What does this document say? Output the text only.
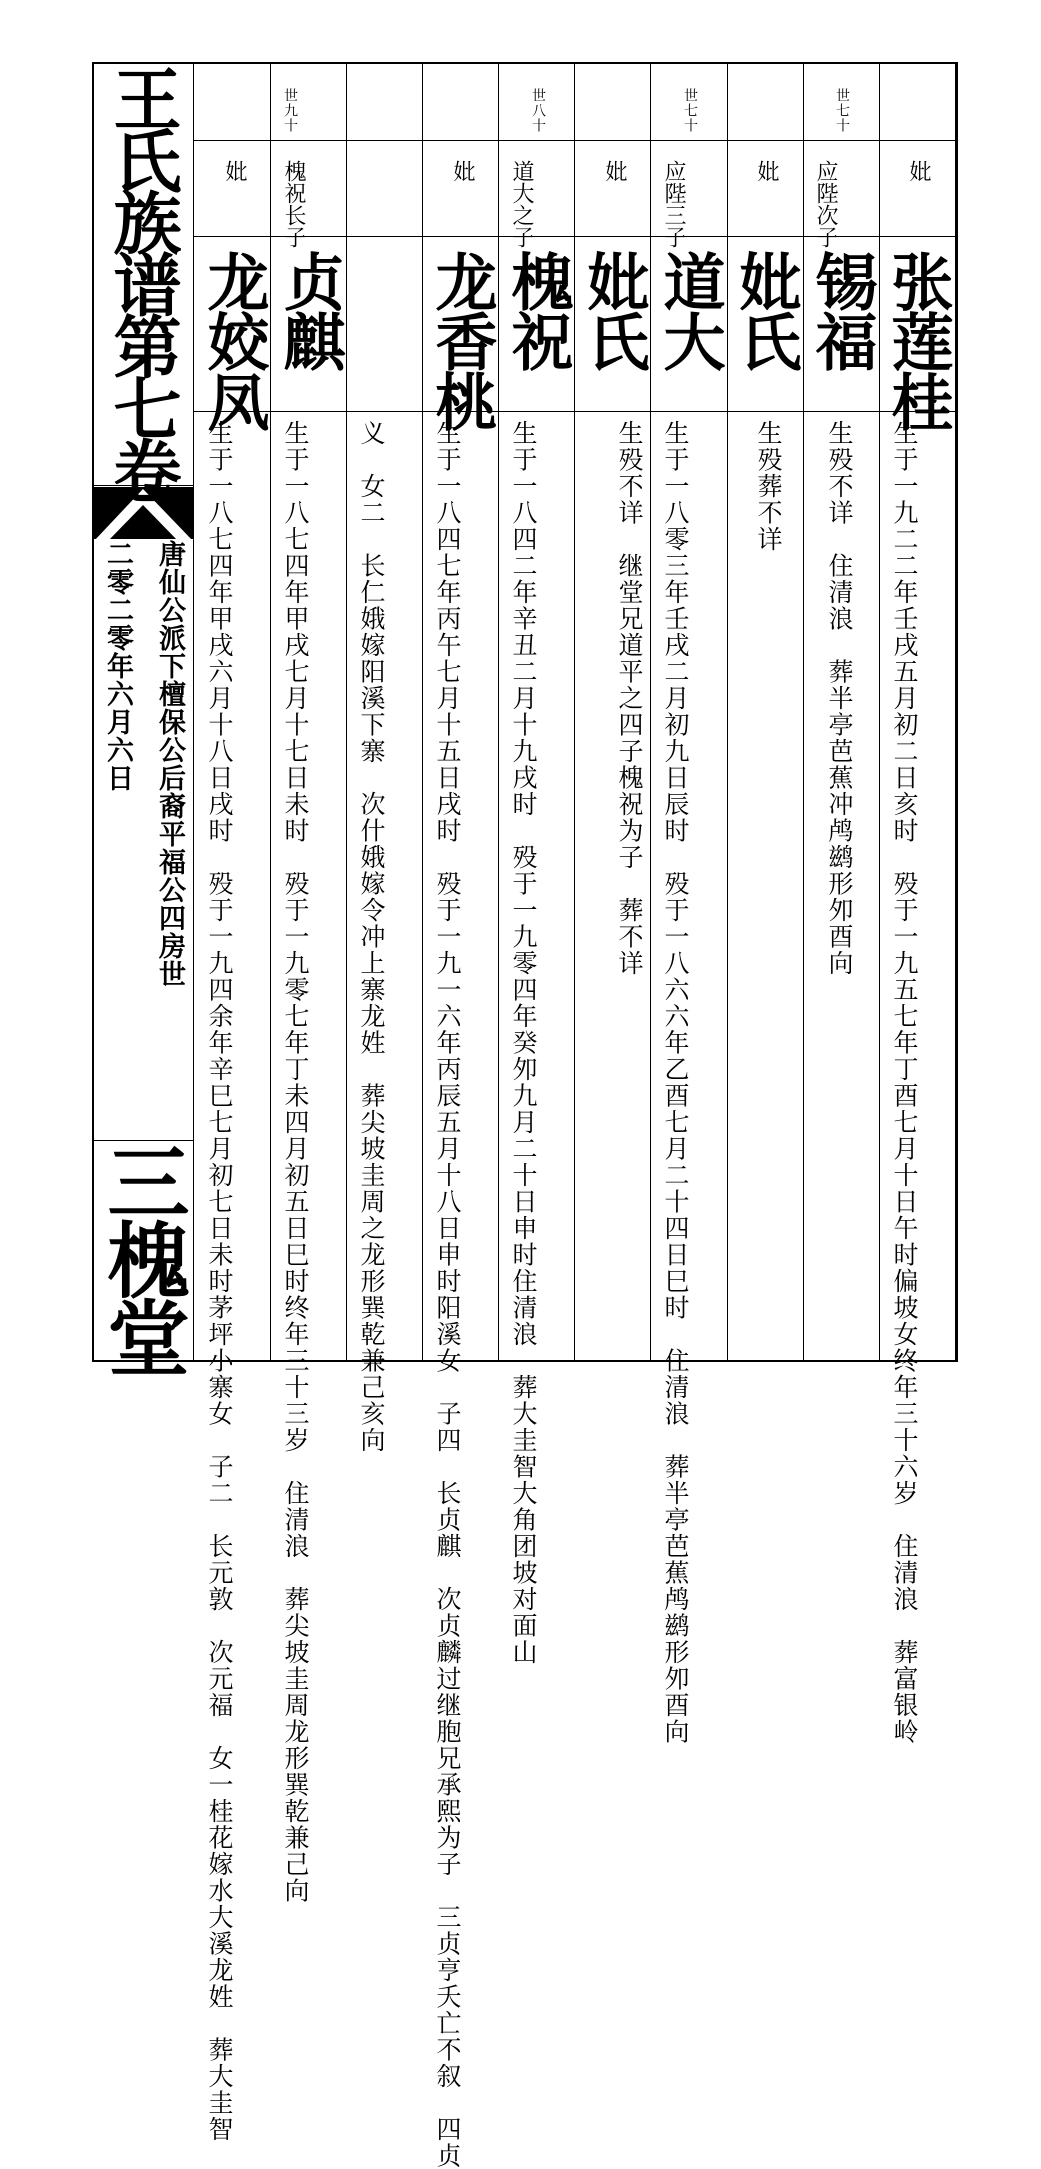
王氏族谱第七卷
唐仙公派下檀保公后裔平福公四房世
二零二零年六月六日
三槐堂
妣
张莲桂
生于一九二二年壬戌五月初二日亥时　殁于一九五七年丁酉七月十日午时偏坡女终年三十六岁　住清浪　葬富银岭
世七十
应陛次子
锡福
生殁不详　住清浪　葬半亭芭蕉冲鸬鹚形夘酉向
妣
妣氏
生殁葬不详
世七十
应陛三子
道大
生于一八零三年壬戌二月初九日辰时　殁于一八六六年乙酉七月二十四日巳时　住清浪　葬半亭芭蕉鸬鹚形夘酉向
妣
妣氏
生殁不详　继堂兄道平之四子槐祝为子　葬不详
世八十
道大之子
槐祝
生于一八四二年辛丑二月十九戌时　殁于一九零四年癸夘九月二十日申时住清浪　葬大圭智大角团坡对面山
妣
龙香桃
生于一八四七年丙午七月十五日戌时　殁于一九一六年丙辰五月十八日申时阳溪女　子四　长贞麒　次贞麟过继胞兄承熙为子　三贞亨夭亡不叙　四贞
义　女二　长仁娥嫁阳溪下寨　次什娥嫁令冲上寨龙姓　葬尖坡圭周之龙形巽乾兼己亥向
世九十
槐祝长子
贞麒
生于一八七四年甲戌七月十七日未时　殁于一九零七年丁未四月初五日巳时终年三十三岁　住清浪　葬尖坡圭周龙形巽乾兼己向
妣
龙姣凤
生于一八七四年甲戌六月十八日戌时　殁于一九四余年辛巳七月初七日未时茅坪小寨女　子二　长元敦　次元福　女一桂花嫁水大溪龙姓　葬大圭智
